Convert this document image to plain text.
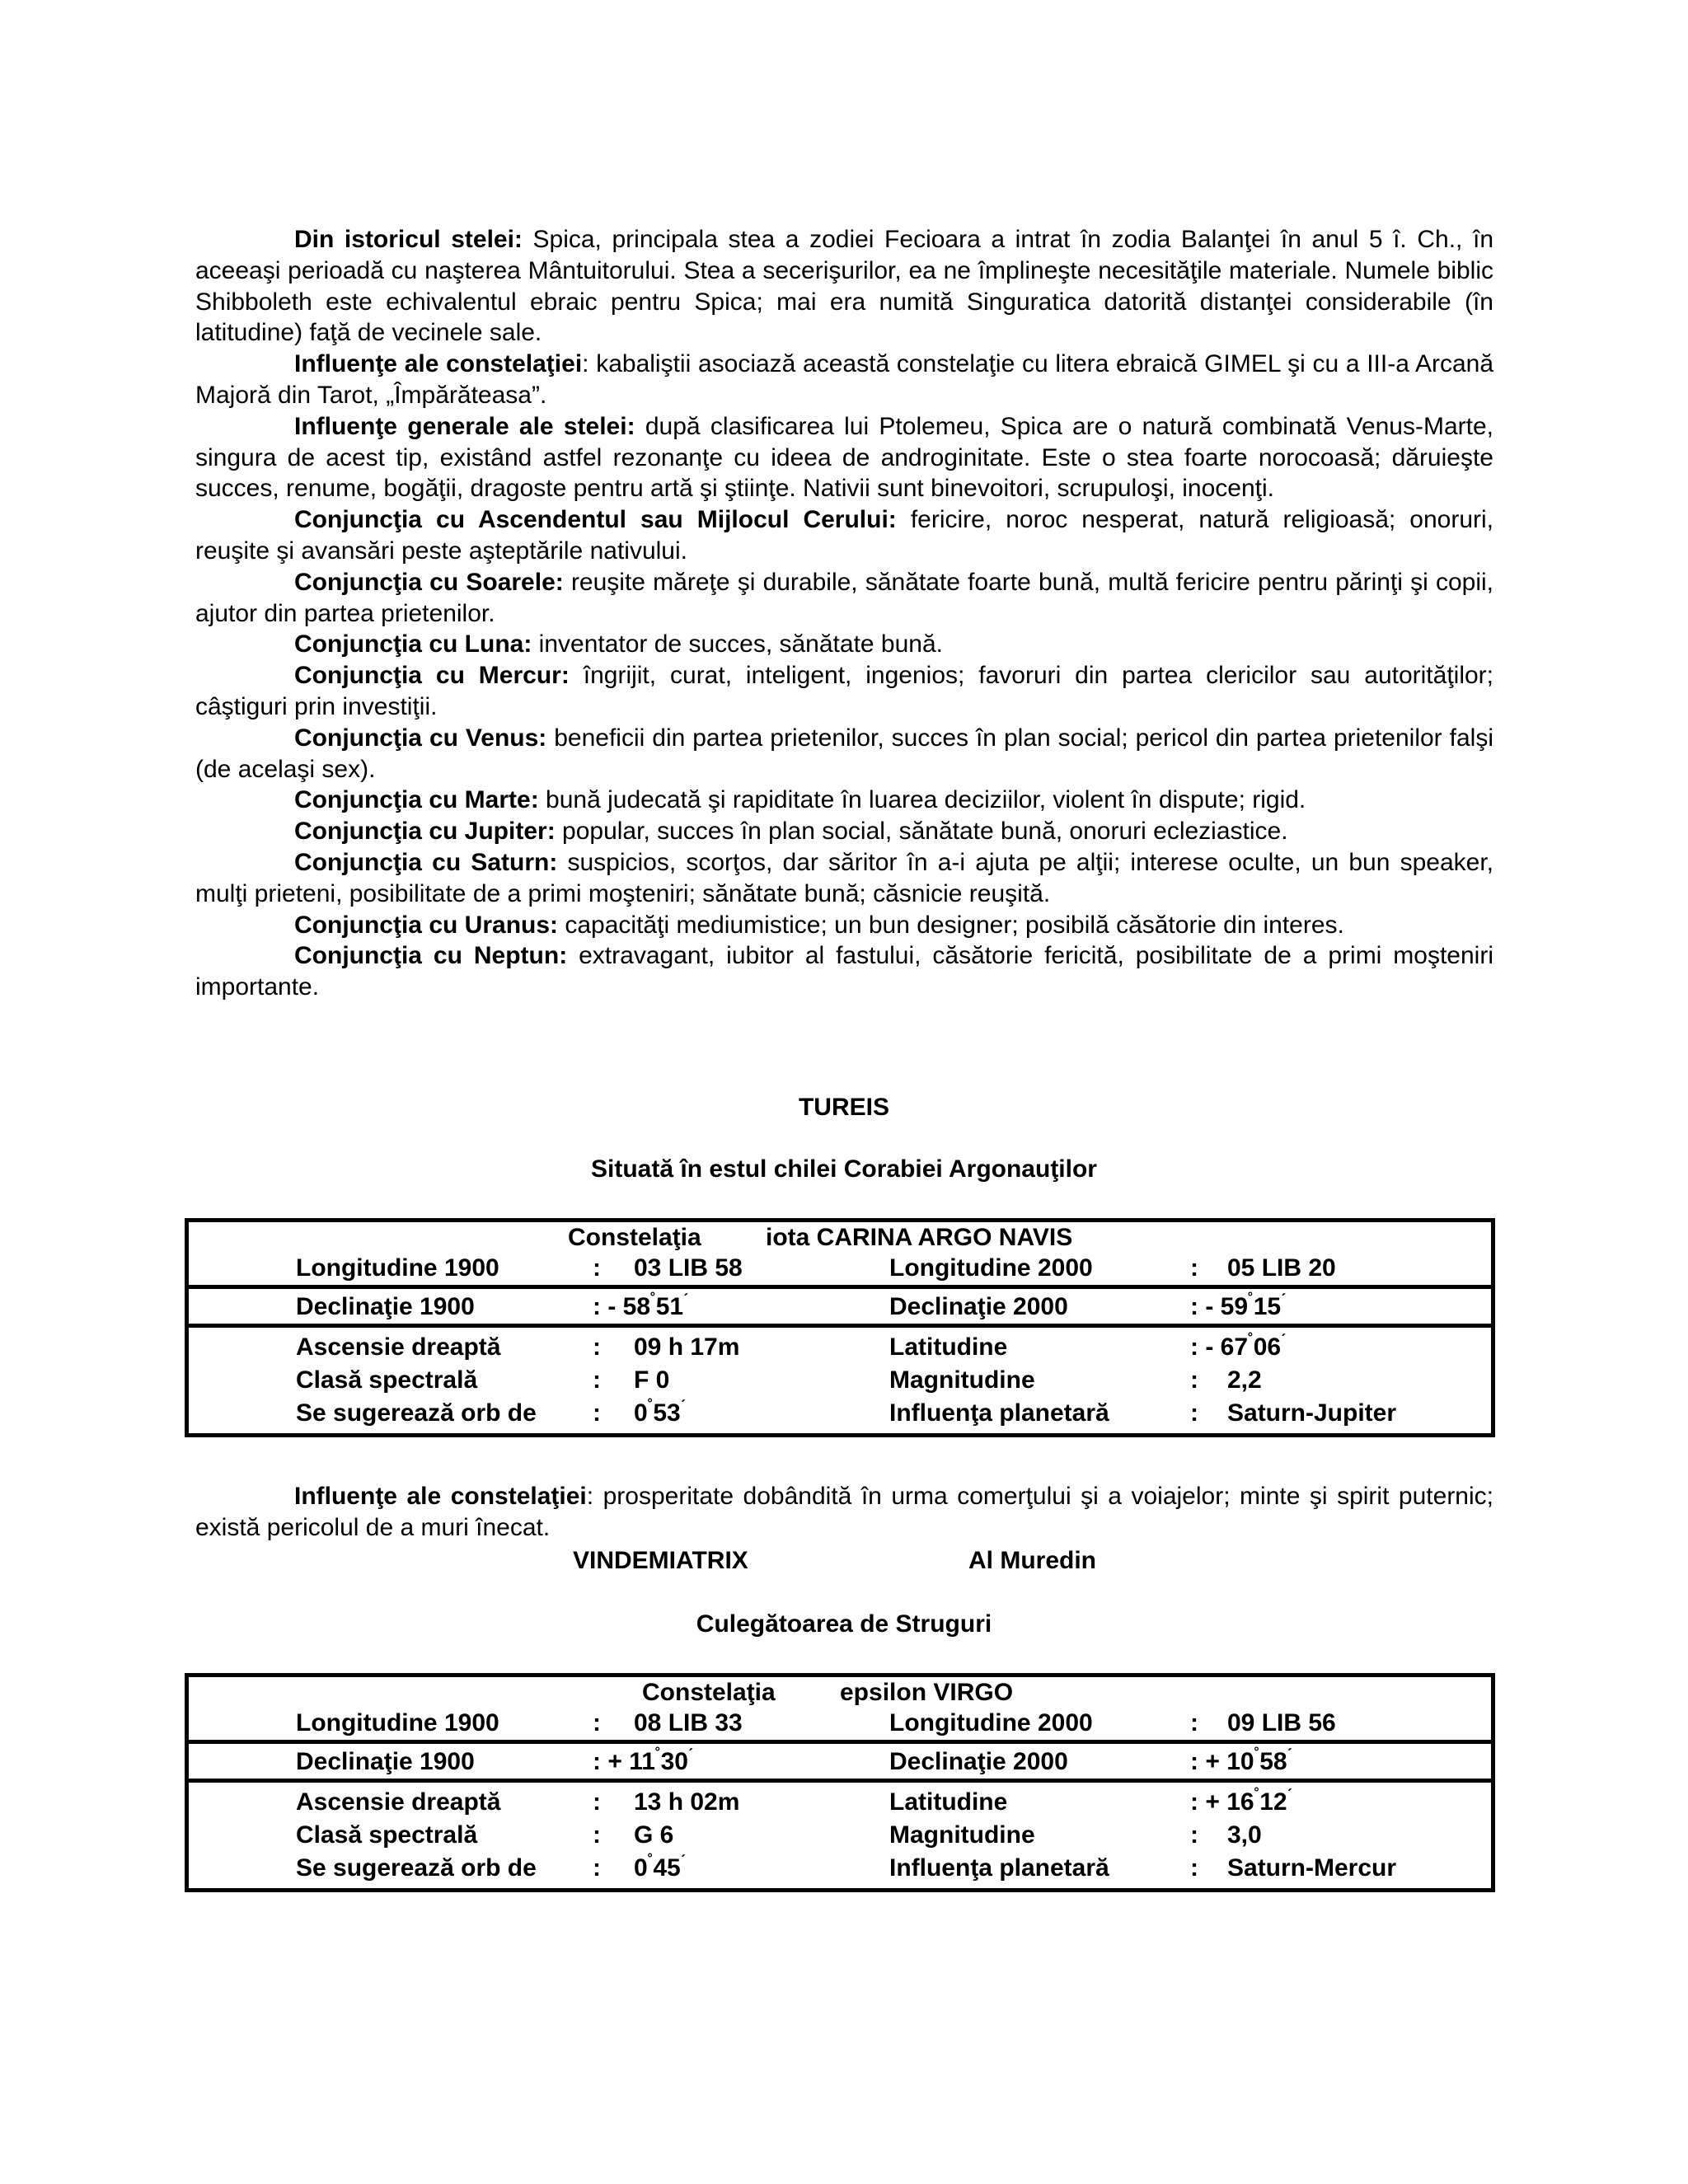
Din istoricul stelei: Spica, principala stea a zodiei Fecioara a intrat în zodia Balanţei în anul 5 î. Ch., în aceeaşi perioadă cu naşterea Mântuitorului. Stea a secerişurilor, ea ne împlineşte necesităţile materiale. Numele biblic Shibboleth este echivalentul ebraic pentru Spica; mai era numită Singuratica datorită distanţei considerabile (în latitudine) faţă de vecinele sale.

Influenţe ale constelaţiei: kabaliştii asociază această constelaţie cu litera ebraică GIMEL şi cu a III-a Arcană Majoră din Tarot, „Împărăteasa”.

Influenţe generale ale stelei: după clasificarea lui Ptolemeu, Spica are o natură combinată Venus-Marte, singura de acest tip, existând astfel rezonanţe cu ideea de androginitate. Este o stea foarte norocoasă; dăruieşte succes, renume, bogăţii, dragoste pentru artă şi ştiinţe. Nativii sunt binevoitori, scrupuloşi, inocenţi.

Conjuncţia cu Ascendentul sau Mijlocul Cerului: fericire, noroc nesperat, natură religioasă; onoruri, reuşite şi avansări peste aşteptările nativului.

Conjuncţia cu Soarele: reuşite măreţe şi durabile, sănătate foarte bună, multă fericire pentru părinţi şi copii, ajutor din partea prietenilor.

Conjuncţia cu Luna: inventator de succes, sănătate bună.

Conjuncţia cu Mercur: îngrijit, curat, inteligent, ingenios; favoruri din partea clericilor sau autorităţilor; câştiguri prin investiţii.

Conjuncţia cu Venus: beneficii din partea prietenilor, succes în plan social; pericol din partea prietenilor falşi (de acelaşi sex).

Conjuncţia cu Marte: bună judecată şi rapiditate în luarea deciziilor, violent în dispute; rigid.

Conjuncţia cu Jupiter: popular, succes în plan social, sănătate bună, onoruri ecleziastice.

Conjuncţia cu Saturn: suspicios, scorţos, dar săritor în a-i ajuta pe alţii; interese oculte, un bun speaker, mulţi prieteni, posibilitate de a primi moşteniri; sănătate bună; căsnicie reuşită.

Conjuncţia cu Uranus: capacităţi mediumistice; un bun designer; posibilă căsătorie din interes.

Conjuncţia cu Neptun: extravagant, iubitor al fastului, căsătorie fericită, posibilitate de a primi moşteniri importante.

TUREIS
Situată în estul chilei Corabiei Argonauţilor
Constelaţia	iota CARINA ARGO NAVIS
Longitudine 1900	: 03 LIB 58	Longitudine 2000	: 05 LIB 20
Declinaţie 1900	: - $58^˚51^ˊ$	Declinaţie 2000	: - $59^˚15^ˊ$
Ascensie dreaptă	: 09 h 17m	Latitudine	: - $67^˚06^ˊ$
Clasă spectrală	: F 0	Magnitudine	: 2,2
Se sugerează orb de : $0^˚53^ˊ$	Influenţa planetară	: Saturn-Jupiter

Influenţe ale constelaţiei: prosperitate dobândită în urma comerţului şi a voiajelor; minte şi spirit puternic; există pericolul de a muri înecat.

VINDEMIATRIX	Al Muredin
Culegătoarea de Struguri
Constelaţia	epsilon VIRGO
Longitudine 1900	: 08 LIB 33	Longitudine 2000	: 09 LIB 56
Declinaţie 1900	: + $11^˚30^ˊ$	Declinaţie 2000	: + $10^˚58^ˊ$
Ascensie dreaptă	: 13 h 02m	Latitudine	: + $16^˚12^ˊ$
Clasă spectrală	: G 6	Magnitudine	: 3,0
Se sugerează orb de : $0^˚45^ˊ$	Influenţa planetară	: Saturn-Mercur
